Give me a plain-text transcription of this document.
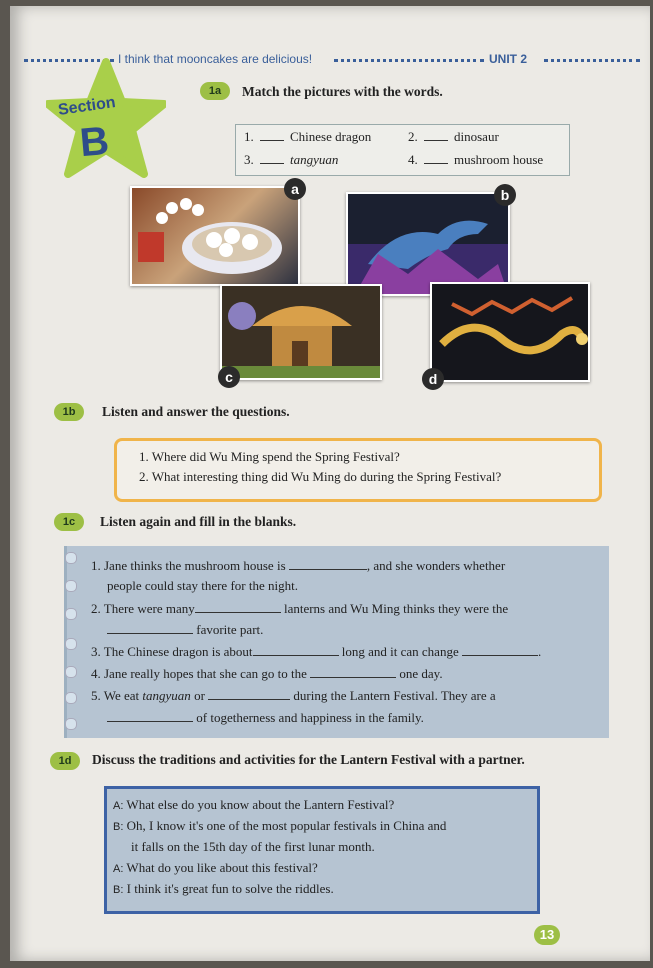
I think that mooncakes are delicious!	UNIT 2
Section
B
1a	Match the pictures with the words.
1.	Chinese dragon	2.	dinosaur
3.	tangyuan	4.	mushroom house
a	b
c	d
1b	Listen and answer the questions.
1. Where did Wu Ming spend the Spring Festival?
2. What interesting thing did Wu Ming do during the Spring Festival?
1c	Listen again and fill in the blanks.
1. Jane thinks the mushroom house is	, and she wonders whether
people could stay there for the night.
2. There were many	lanterns and Wu Ming thinks they were the
favorite part.
3. The Chinese dragon is about	long and it can change	.
4. Jane really hopes that she can go to the	one day.
5. We eat tangyuan or	during the Lantern Festival. They are a
of togetherness and happiness in the family.
1d	Discuss the traditions and activities for the Lantern Festival with a partner.
A: What else do you know about the Lantern Festival?
B: Oh, I know it's one of the most popular festivals in China and
it falls on the 15th day of the first lunar month.
A: What do you like about this festival?
B: I think it's great fun to solve the riddles.
13
